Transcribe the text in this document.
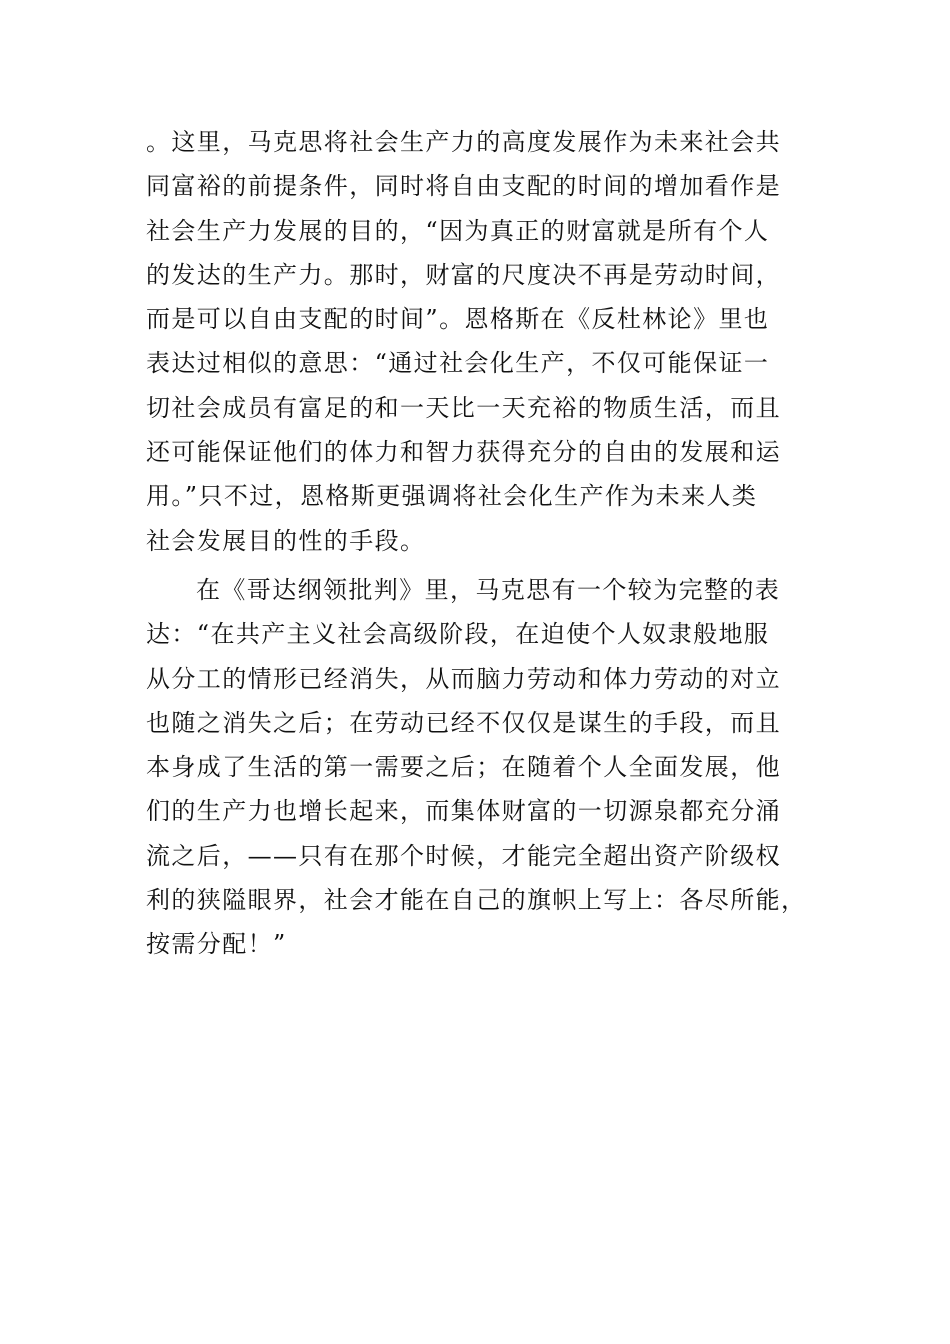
。这里，马克思将社会生产力的高度发展作为未来社会共
同富裕的前提条件，同时将自由支配的时间的增加看作是
社会生产力发展的目的，“因为真正的财富就是所有个人
的发达的生产力。那时，财富的尺度决不再是劳动时间，
而是可以自由支配的时间”。恩格斯在《反杜林论》里也
表达过相似的意思：“通过社会化生产，不仅可能保证一
切社会成员有富足的和一天比一天充裕的物质生活，而且
还可能保证他们的体力和智力获得充分的自由的发展和运
用。”只不过，恩格斯更强调将社会化生产作为未来人类
社会发展目的性的手段。

在《哥达纲领批判》里，马克思有一个较为完整的表
达：“在共产主义社会高级阶段，在迫使个人奴隶般地服
从分工的情形已经消失，从而脑力劳动和体力劳动的对立
也随之消失之后；在劳动已经不仅仅是谋生的手段，而且
本身成了生活的第一需要之后；在随着个人全面发展，他
们的生产力也增长起来，而集体财富的一切源泉都充分涌
流之后，——只有在那个时候，才能完全超出资产阶级权
利的狭隘眼界，社会才能在自己的旗帜上写上：各尽所能，
按需分配！”
